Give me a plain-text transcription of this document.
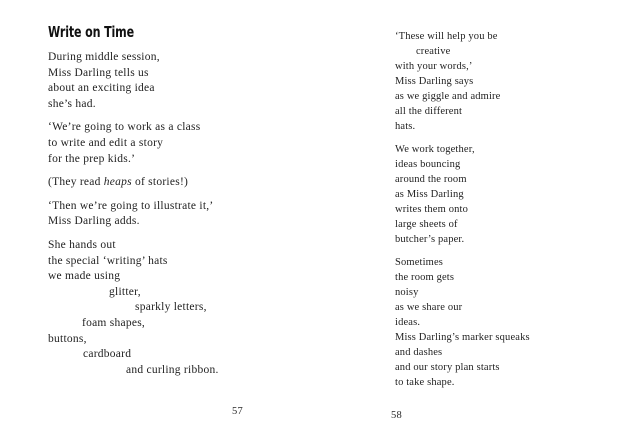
Write on Time
During middle session,
Miss Darling tells us
about an exciting idea
she’s had.
‘We’re going to work as a class
to write and edit a story
for the prep kids.’
(They read heaps of stories!)
‘Then we’re going to illustrate it,’
Miss Darling adds.
She hands out
the special ‘writing’ hats
we made using
glitter,
sparkly letters,
foam shapes,
buttons,
cardboard
and curling ribbon.
‘These will help you be
creative
with your words,’
Miss Darling says
as we giggle and admire
all the different
hats.
We work together,
ideas bouncing
around the room
as Miss Darling
writes them onto
large sheets of
butcher’s paper.
Sometimes
the room gets
noisy
as we share our
ideas.
Miss Darling’s marker squeaks
and dashes
and our story plan starts
to take shape.
57	58
